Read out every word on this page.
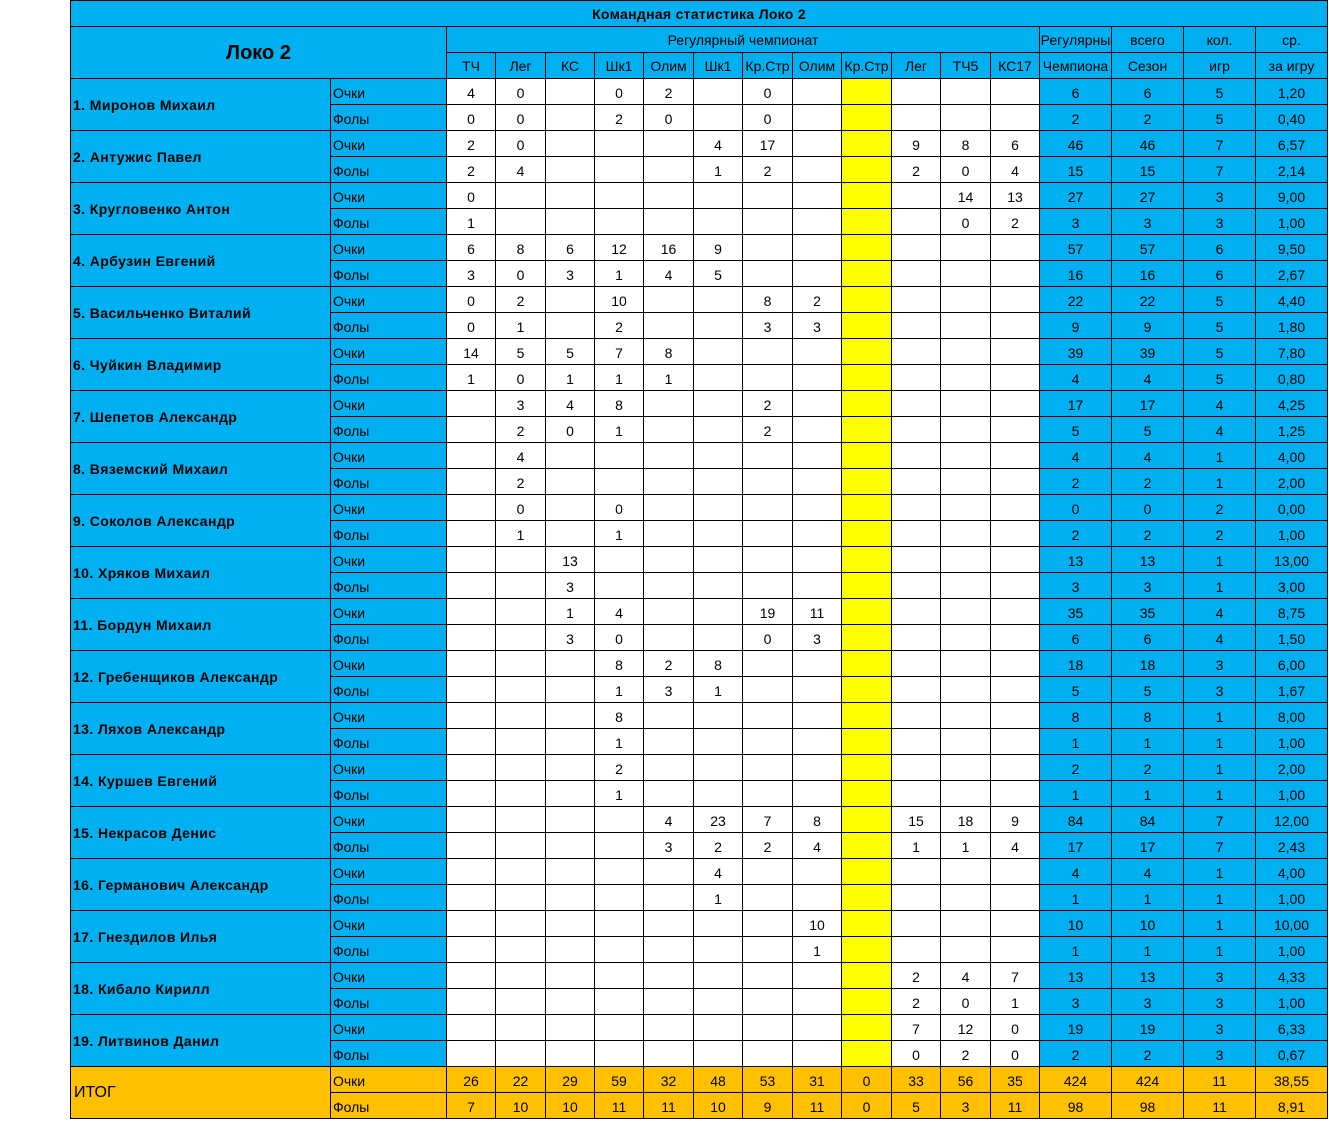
Командная статистика Локо 2																	
Локо 2		Регулярный чемпионат												Регулярны	всего	кол.	ср.
		ТЧ	Лег	КС	Шк1	Олим	Шк1	Кр.Стр	Олим	Кр.Стр	Лег	ТЧ5	КС17	Чемпиона	Сезон	игр	за игру
1. Миронов Михаил	Очки	4	0		0	2		0						6	6	5	1,20
	Фолы	0	0		2	0		0						2	2	5	0,40
2. Антужис Павел	Очки	2	0				4	17			9	8	6	46	46	7	6,57
	Фолы	2	4				1	2			2	0	4	15	15	7	2,14
3. Кругловенко Антон	Очки	0										14	13	27	27	3	9,00
	Фолы	1										0	2	3	3	3	1,00
4. Арбузин Евгений	Очки	6	8	6	12	16	9							57	57	6	9,50
	Фолы	3	0	3	1	4	5							16	16	6	2,67
5. Васильченко Виталий	Очки	0	2		10			8	2					22	22	5	4,40
	Фолы	0	1		2			3	3					9	9	5	1,80
6. Чуйкин Владимир	Очки	14	5	5	7	8								39	39	5	7,80
	Фолы	1	0	1	1	1								4	4	5	0,80
7. Шепетов Александр	Очки		3	4	8			2						17	17	4	4,25
	Фолы		2	0	1			2						5	5	4	1,25
8. Вяземский Михаил	Очки		4											4	4	1	4,00
	Фолы		2											2	2	1	2,00
9. Соколов Александр	Очки		0		0									0	0	2	0,00
	Фолы		1		1									2	2	2	1,00
10. Хряков Михаил	Очки			13										13	13	1	13,00
	Фолы			3										3	3	1	3,00
11. Бордун Михаил	Очки			1	4			19	11					35	35	4	8,75
	Фолы			3	0			0	3					6	6	4	1,50
12. Гребенщиков Александр	Очки				8	2	8							18	18	3	6,00
	Фолы				1	3	1							5	5	3	1,67
13. Ляхов Александр	Очки				8									8	8	1	8,00
	Фолы				1									1	1	1	1,00
14. Куршев Евгений	Очки				2									2	2	1	2,00
	Фолы				1									1	1	1	1,00
15. Некрасов Денис	Очки					4	23	7	8		15	18	9	84	84	7	12,00
	Фолы					3	2	2	4		1	1	4	17	17	7	2,43
16. Германович Александр	Очки						4							4	4	1	4,00
	Фолы						1							1	1	1	1,00
17. Гнездилов Илья	Очки								10					10	10	1	10,00
	Фолы								1					1	1	1	1,00
18. Кибало Кирилл	Очки										2	4	7	13	13	3	4,33
	Фолы										2	0	1	3	3	3	1,00
19. Литвинов Данил	Очки										7	12	0	19	19	3	6,33
	Фолы										0	2	0	2	2	3	0,67
ИТОГ	Очки	26	22	29	59	32	48	53	31	0	33	56	35	424	424	11	38,55
	Фолы	7	10	10	11	11	10	9	11	0	5	3	11	98	98	11	8,91
